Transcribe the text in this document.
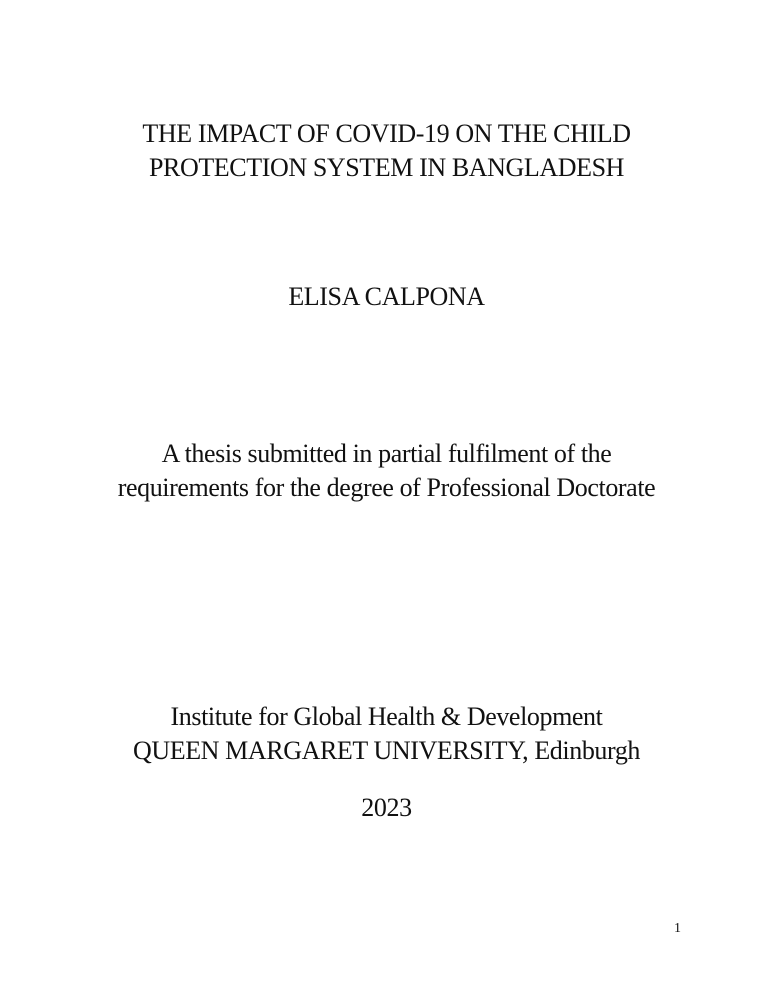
THE IMPACT OF COVID-19 ON THE CHILD
PROTECTION SYSTEM IN BANGLADESH
ELISA CALPONA
A thesis submitted in partial fulfilment of the
requirements for the degree of Professional Doctorate
Institute for Global Health & Development
QUEEN MARGARET UNIVERSITY, Edinburgh
2023
1
